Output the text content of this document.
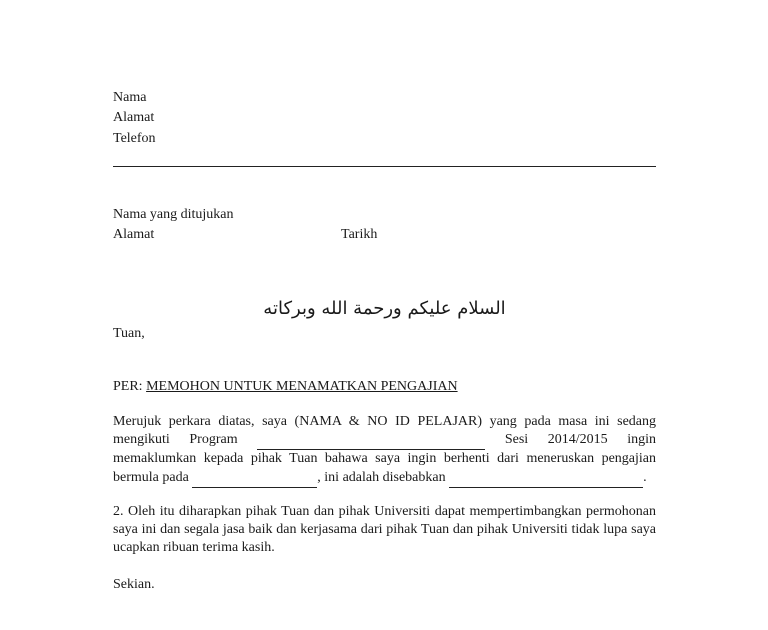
Nama
Alamat
Telefon
Nama yang ditujukan
Alamat	Tarikh
السلام عليكم ورحمة الله وبركاته
Tuan,
PER: MEMOHON UNTUK MENAMATKAN PENGAJIAN
Merujuk perkara diatas, saya (NAMA & NO ID PELAJAR) yang pada masa ini sedang mengikuti Program	Sesi 2014/2015 ingin memaklumkan kepada pihak Tuan bahawa saya ingin berhenti dari meneruskan pengajian bermula pada	, ini adalah disebabkan	.
2. Oleh itu diharapkan pihak Tuan dan pihak Universiti dapat mempertimbangkan permohonan saya ini dan segala jasa baik dan kerjasama dari pihak Tuan dan pihak Universiti tidak lupa saya ucapkan ribuan terima kasih.
Sekian.
